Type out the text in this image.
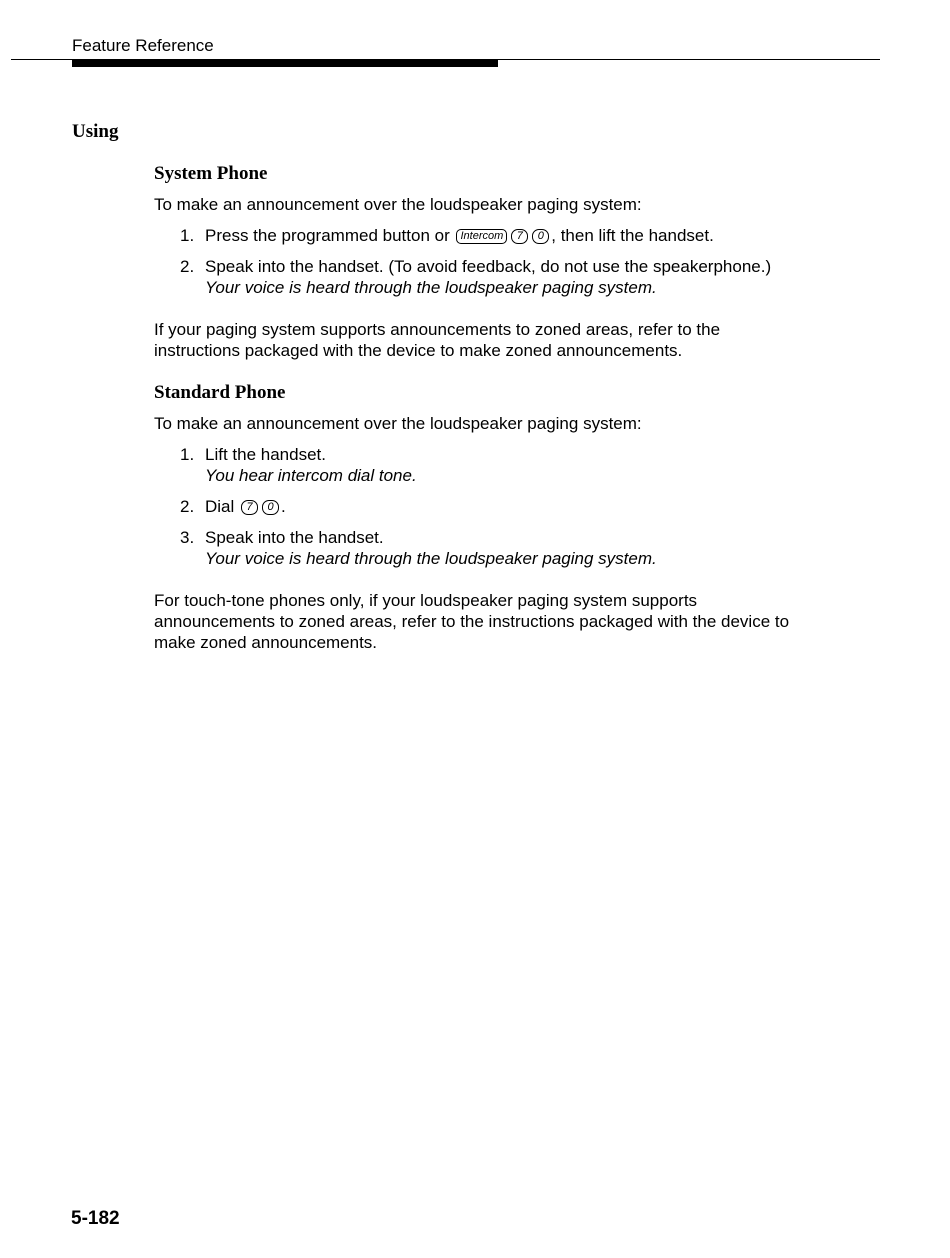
Feature Reference
Using
System Phone
To make an announcement over the loudspeaker paging system:
1. Press the programmed button or Intercom 7 0 , then lift the handset.
2. Speak into the handset. (To avoid feedback, do not use the speakerphone.)
Your voice is heard through the loudspeaker paging system.
If your paging system supports announcements to zoned areas, refer to the instructions packaged with the device to make zoned announcements.
Standard Phone
To make an announcement over the loudspeaker paging system:
1. Lift the handset.
You hear intercom dial tone.
2. Dial 7 0 .
3. Speak into the handset.
Your voice is heard through the loudspeaker paging system.
For touch-tone phones only, if your loudspeaker paging system supports announcements to zoned areas, refer to the instructions packaged with the device to make zoned announcements.
5-182
